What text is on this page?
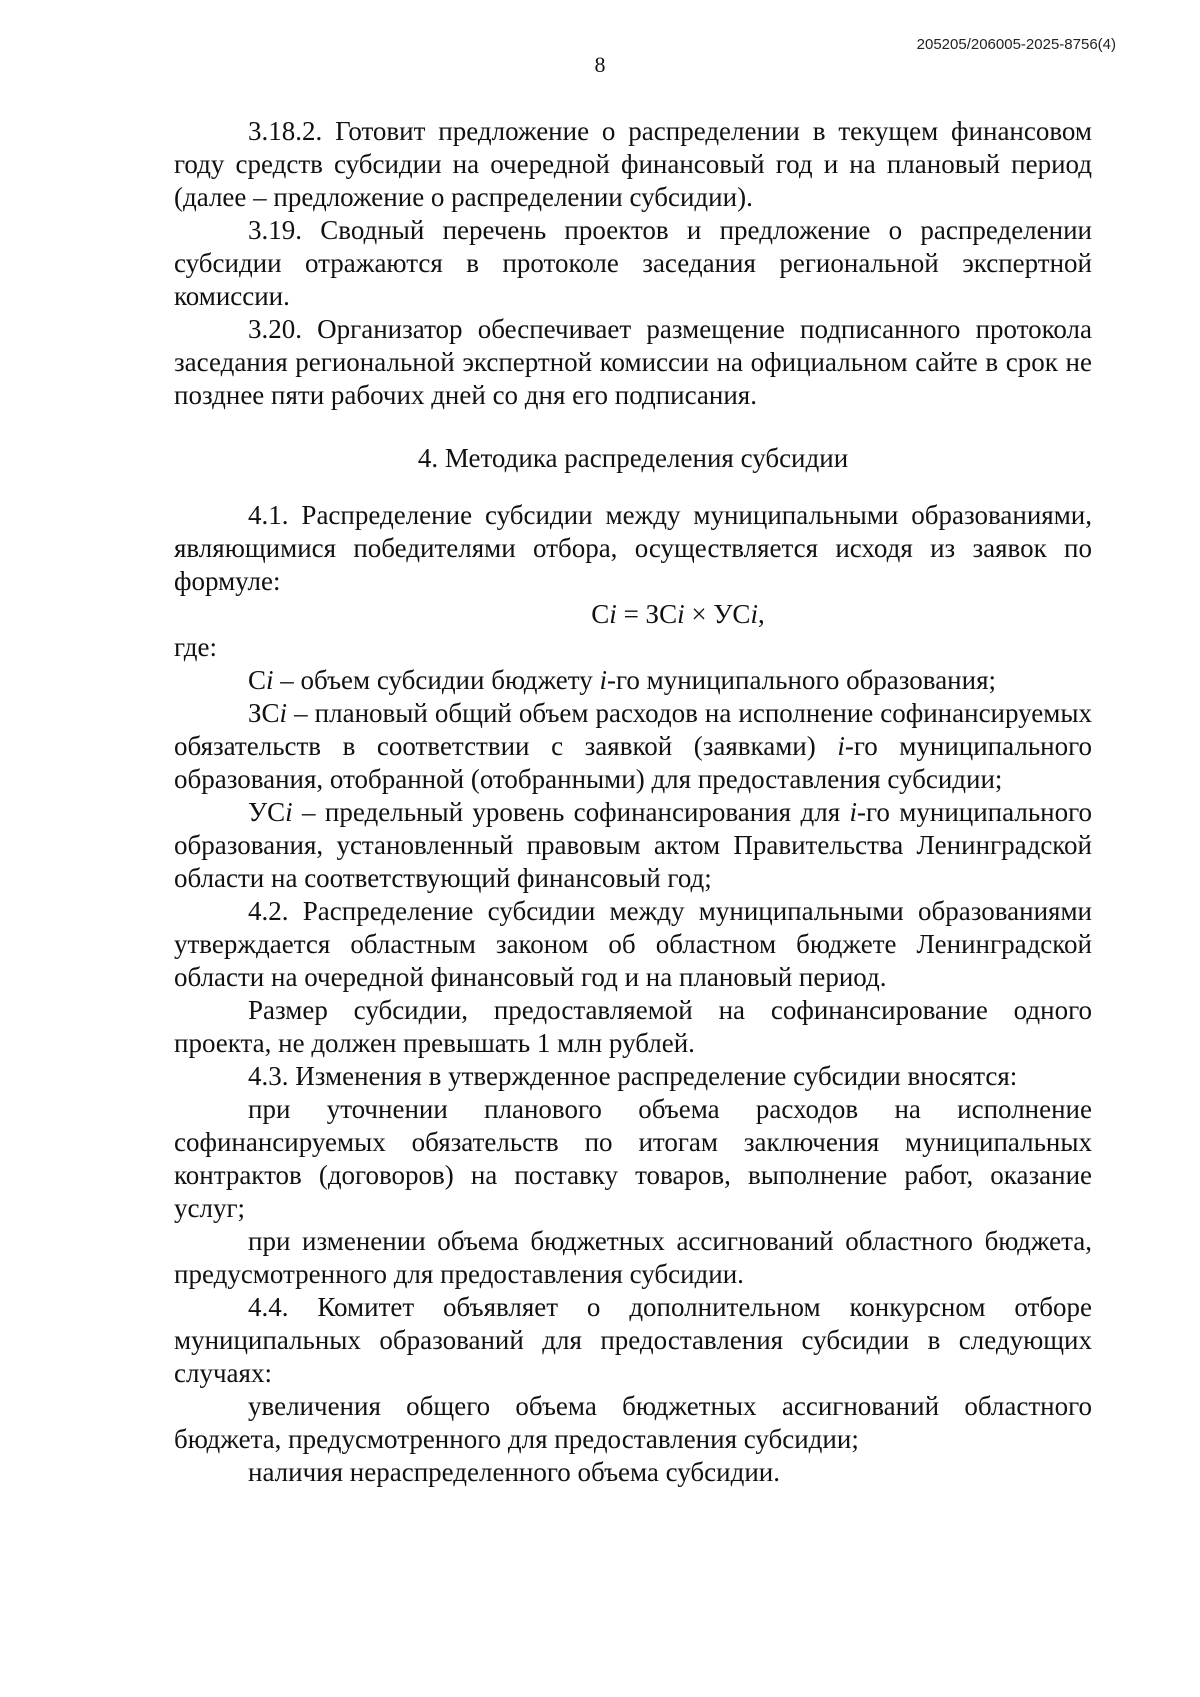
205205/206005-2025-8756(4)
8

3.18.2. Готовит предложение о распределении в текущем финансовом году средств субсидии на очередной финансовый год и на плановый период (далее – предложение о распределении субсидии).

3.19. Сводный перечень проектов и предложение о распределении субсидии отражаются в протоколе заседания региональной экспертной комиссии.

3.20. Организатор обеспечивает размещение подписанного протокола заседания региональной экспертной комиссии на официальном сайте в срок не позднее пяти рабочих дней со дня его подписания.

4. Методика распределения субсидии

4.1. Распределение субсидии между муниципальными образованиями, являющимися победителями отбора, осуществляется исходя из заявок по формуле:

Сi = ЗСi × УСi,

где:

Сi – объем субсидии бюджету i-го муниципального образования;

ЗСi – плановый общий объем расходов на исполнение софинансируемых обязательств в соответствии с заявкой (заявками) i-го муниципального образования, отобранной (отобранными) для предоставления субсидии;

УСi – предельный уровень софинансирования для i-го муниципального образования, установленный правовым актом Правительства Ленинградской области на соответствующий финансовый год;

4.2. Распределение субсидии между муниципальными образованиями утверждается областным законом об областном бюджете Ленинградской области на очередной финансовый год и на плановый период.

Размер субсидии, предоставляемой на софинансирование одного проекта, не должен превышать 1 млн рублей.

4.3. Изменения в утвержденное распределение субсидии вносятся:

при уточнении планового объема расходов на исполнение софинансируемых обязательств по итогам заключения муниципальных контрактов (договоров) на поставку товаров, выполнение работ, оказание услуг;

при изменении объема бюджетных ассигнований областного бюджета, предусмотренного для предоставления субсидии.

4.4. Комитет объявляет о дополнительном конкурсном отборе муниципальных образований для предоставления субсидии в следующих случаях:

увеличения общего объема бюджетных ассигнований областного бюджета, предусмотренного для предоставления субсидии;

наличия нераспределенного объема субсидии.
